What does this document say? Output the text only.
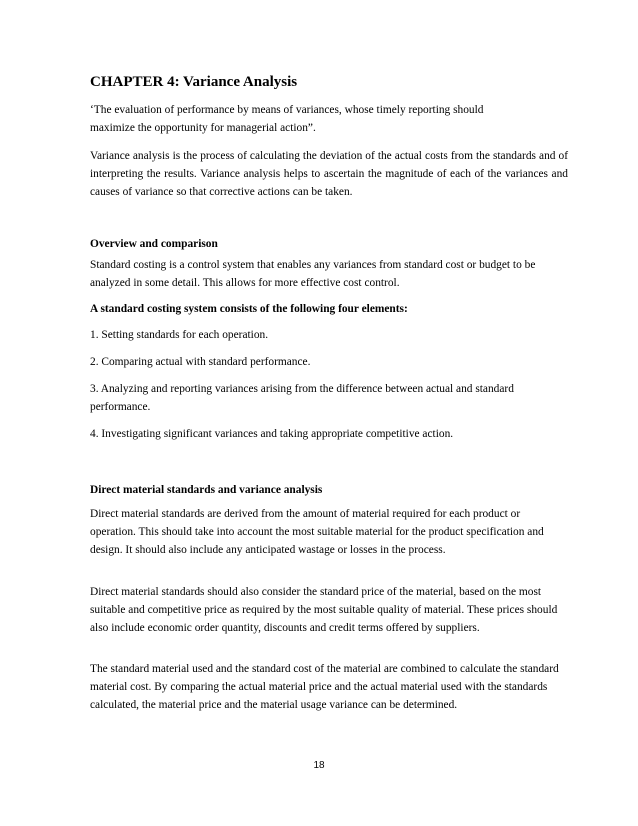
CHAPTER 4: Variance Analysis

‘The evaluation of performance by means of variances, whose timely reporting should maximize the opportunity for managerial action”.

Variance analysis is the process of calculating the deviation of the actual costs from the standards and of interpreting the results. Variance analysis helps to ascertain the magnitude of each of the variances and causes of variance so that corrective actions can be taken.

Overview and comparison

Standard costing is a control system that enables any variances from standard cost or budget to be analyzed in some detail. This allows for more effective cost control.

A standard costing system consists of the following four elements:

1. Setting standards for each operation.

2. Comparing actual with standard performance.

3. Analyzing and reporting variances arising from the difference between actual and standard performance.

4. Investigating significant variances and taking appropriate competitive action.

Direct material standards and variance analysis

Direct material standards are derived from the amount of material required for each product or operation. This should take into account the most suitable material for the product specification and design. It should also include any anticipated wastage or losses in the process.

Direct material standards should also consider the standard price of the material, based on the most suitable and competitive price as required by the most suitable quality of material. These prices should also include economic order quantity, discounts and credit terms offered by suppliers.

The standard material used and the standard cost of the material are combined to calculate the standard material cost. By comparing the actual material price and the actual material used with the standards calculated, the material price and the material usage variance can be determined.

18
